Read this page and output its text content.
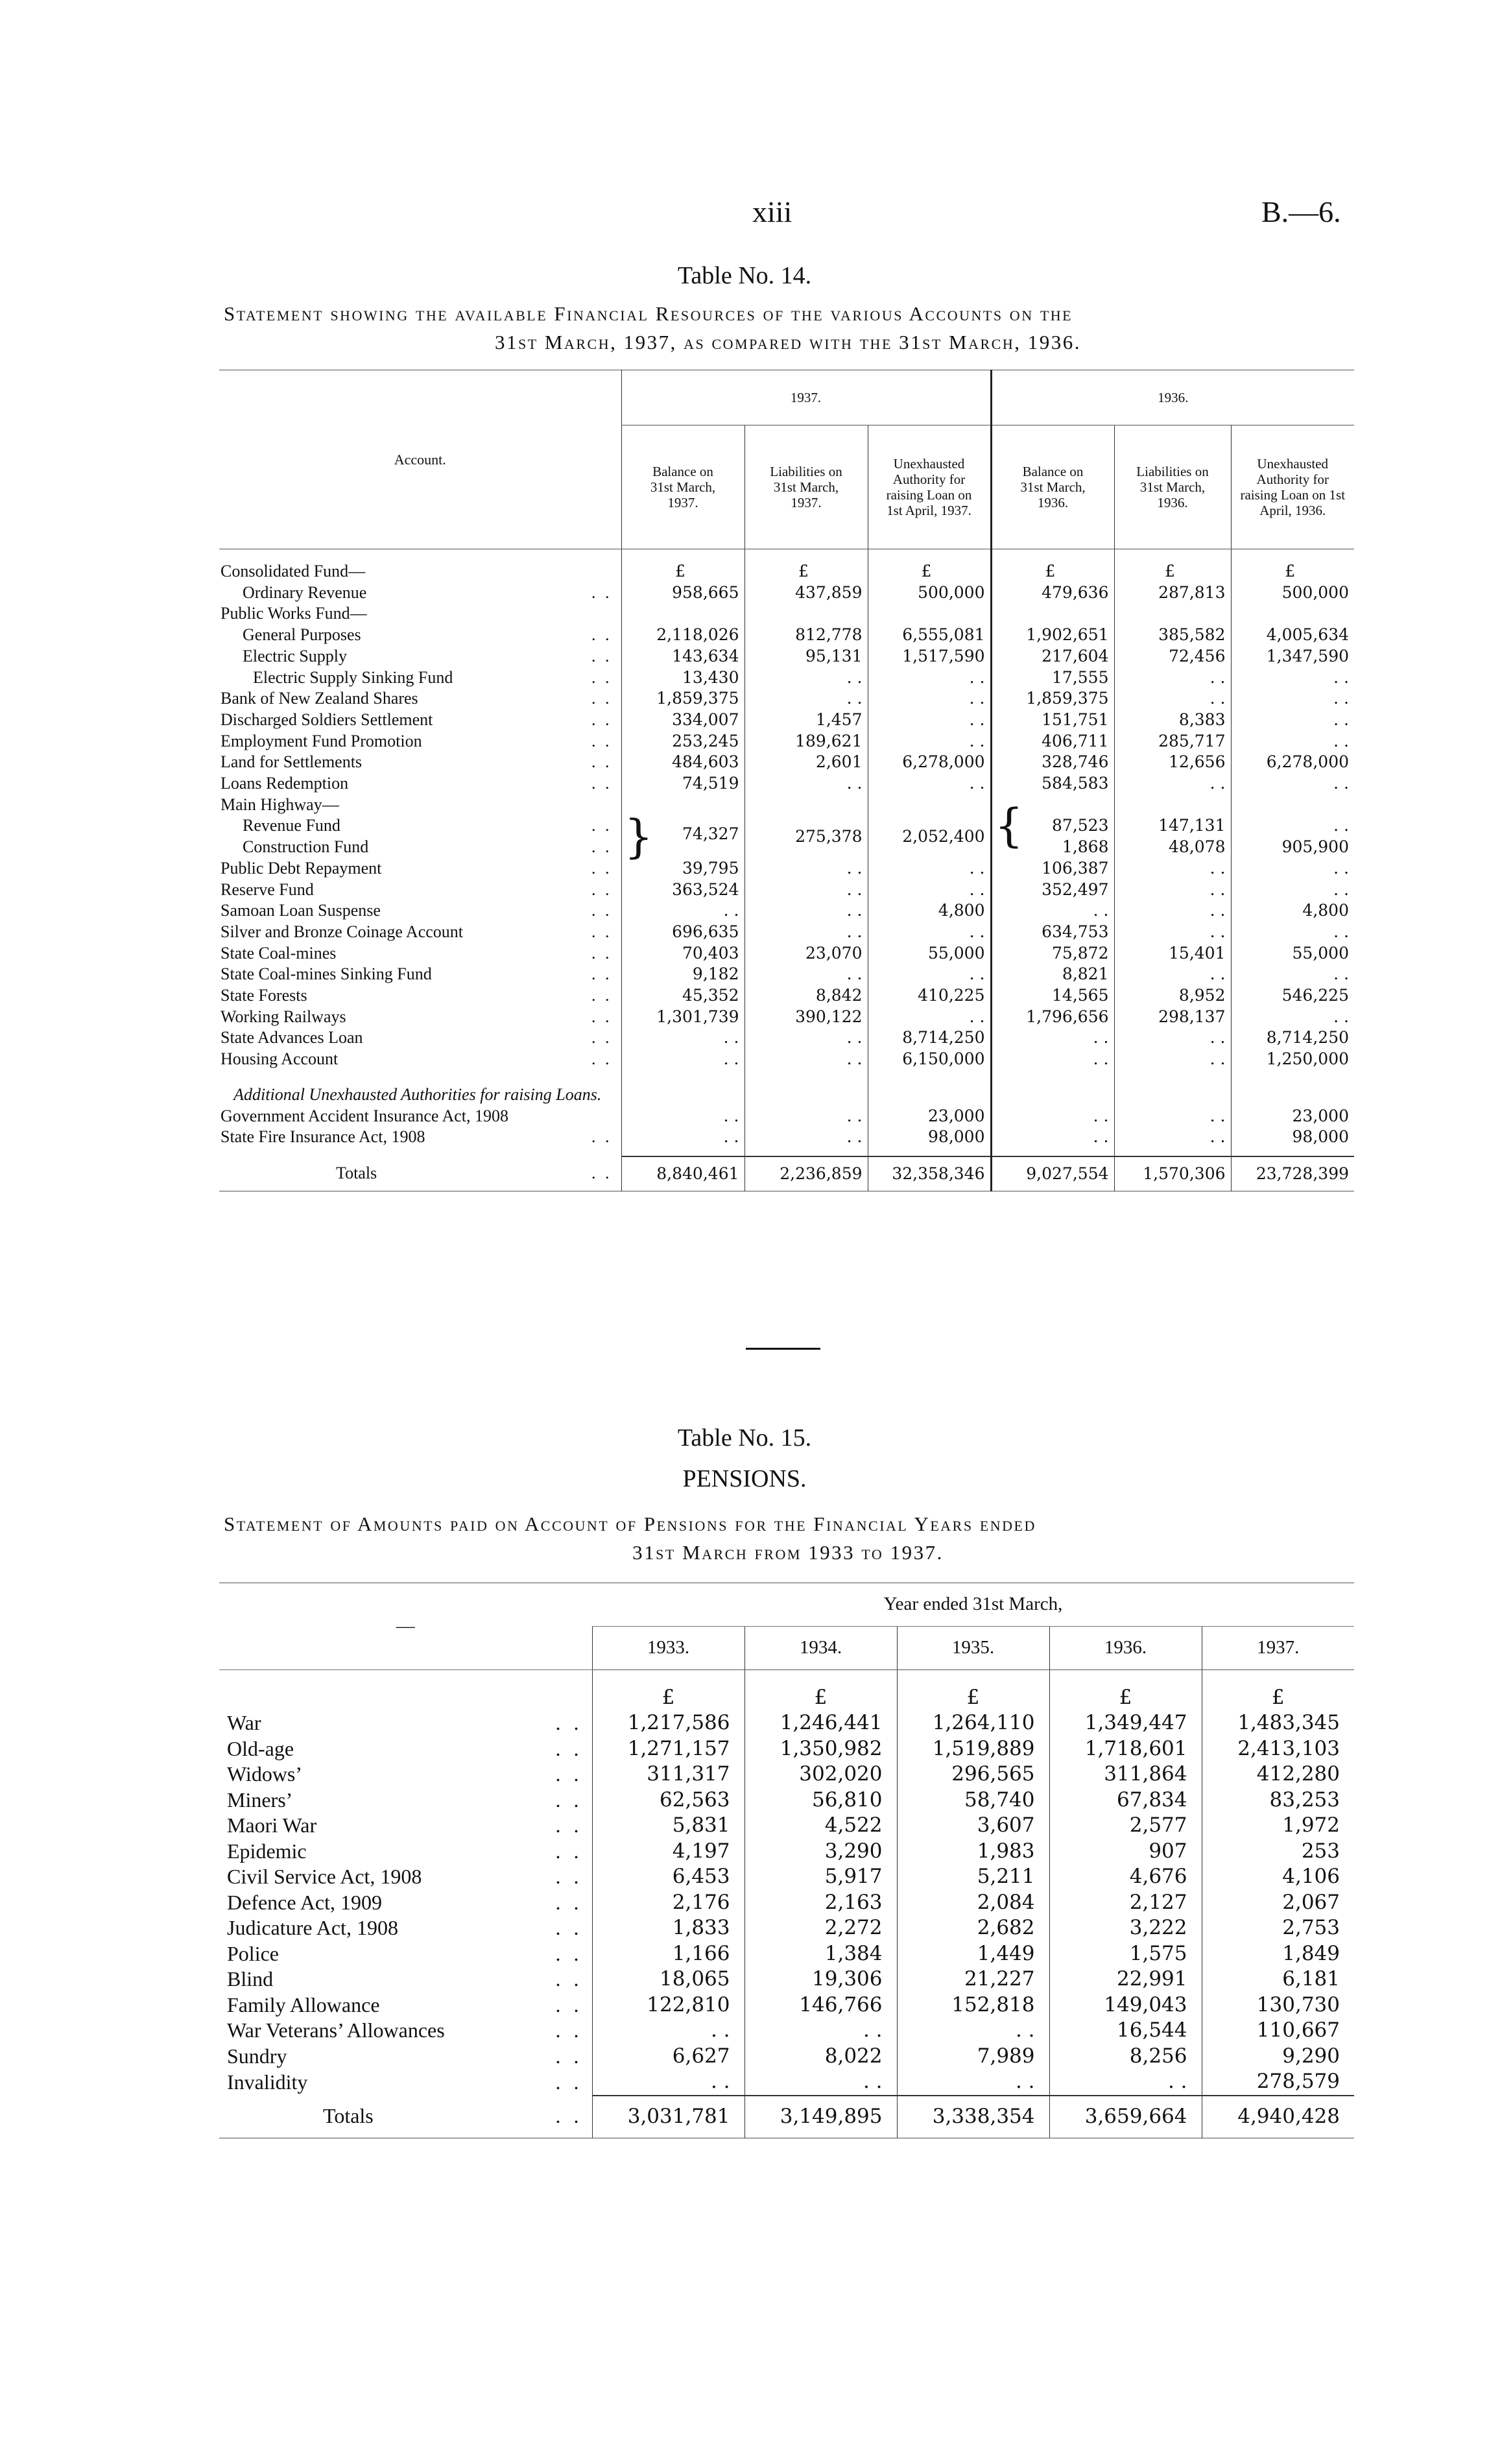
xiii	B.—6.
Table No. 14.
Statement showing the available Financial Resources of the various Accounts on the
31st March, 1937, as compared with the 31st March, 1936.
Account.	1937.			1936.		
	Balance on 31st March, 1937.	Liabilities on 31st March, 1937.	Unexhausted Authority for raising Loan on 1st April, 1937.	Balance on 31st March, 1936.	Liabilities on 31st March, 1936.	Unexhausted Authority for raising Loan on 1st April, 1936.
Consolidated Fund—	£	£	£	£	£	£
Ordinary Revenue . .	958,665	437,859	500,000	479,636	287,813	500,000
Public Works Fund—						
General Purposes . .	2,118,026	812,778	6,555,081	1,902,651	385,582	4,005,634
Electric Supply . .	143,634	95,131	1,517,590	217,604	72,456	1,347,590
Electric Supply Sinking Fund . .	13,430	. .	. .	17,555	. .	. .
Bank of New Zealand Shares . .	1,859,375	. .	. .	1,859,375	. .	. .
Discharged Soldiers Settlement . .	334,007	1,457	. .	151,751	8,383	. .
Employment Fund Promotion . .	253,245	189,621	. .	406,711	285,717	. .
Land for Settlements . .	484,603	2,601	6,278,000	328,746	12,656	6,278,000
Loans Redemption . .	74,519	. .	. .	584,583	. .	. .
Main Highway—						
Revenue Fund . .	} 74,327	275,378	2,052,400	{ 87,523	147,131	. .
Construction Fund . .				1,868	48,078	905,900
Public Debt Repayment . .	39,795	. .	. .	106,387	. .	. .
Reserve Fund . .	363,524	. .	. .	352,497	. .	. .
Samoan Loan Suspense . .	. .	. .	4,800	. .	. .	4,800
Silver and Bronze Coinage Account . .	696,635	. .	. .	634,753	. .	. .
State Coal-mines . .	70,403	23,070	55,000	75,872	15,401	55,000
State Coal-mines Sinking Fund . .	9,182	. .	. .	8,821	. .	. .
State Forests . .	45,352	8,842	410,225	14,565	8,952	546,225
Working Railways . .	1,301,739	390,122	. .	1,796,656	298,137	. .
State Advances Loan . .	. .	. .	8,714,250	. .	. .	8,714,250
Housing Account . .	. .	. .	6,150,000	. .	. .	1,250,000

Additional Unexhausted Authorities for raising Loans.						
Government Accident Insurance Act, 1908	. .	. .	23,000	. .	. .	23,000
State Fire Insurance Act, 1908 . .	. .	. .	98,000	. .	. .	98,000

Totals . .	8,840,461	2,236,859	32,358,346	9,027,554	1,570,306	23,728,399
Table No. 15.
PENSIONS.
Statement of Amounts paid on Account of Pensions for the Financial Years ended
31st March from 1933 to 1937.
—	Year ended 31st March,				
	1933.	1934.	1935.	1936.	1937.
	£	£	£	£	£
War . .	1,217,586	1,246,441	1,264,110	1,349,447	1,483,345
Old-age . .	1,271,157	1,350,982	1,519,889	1,718,601	2,413,103
Widows’ . .	311,317	302,020	296,565	311,864	412,280
Miners’ . .	62,563	56,810	58,740	67,834	83,253
Maori War . .	5,831	4,522	3,607	2,577	1,972
Epidemic . .	4,197	3,290	1,983	907	253
Civil Service Act, 1908 . .	6,453	5,917	5,211	4,676	4,106
Defence Act, 1909 . .	2,176	2,163	2,084	2,127	2,067
Judicature Act, 1908 . .	1,833	2,272	2,682	3,222	2,753
Police . .	1,166	1,384	1,449	1,575	1,849
Blind . .	18,065	19,306	21,227	22,991	6,181
Family Allowance . .	122,810	146,766	152,818	149,043	130,730
War Veterans’ Allowances . .	. .	. .	. .	16,544	110,667
Sundry . .	6,627	8,022	7,989	8,256	9,290
Invalidity . .	. .	. .	. .	. .	278,579
Totals . .	3,031,781	3,149,895	3,338,354	3,659,664	4,940,428
